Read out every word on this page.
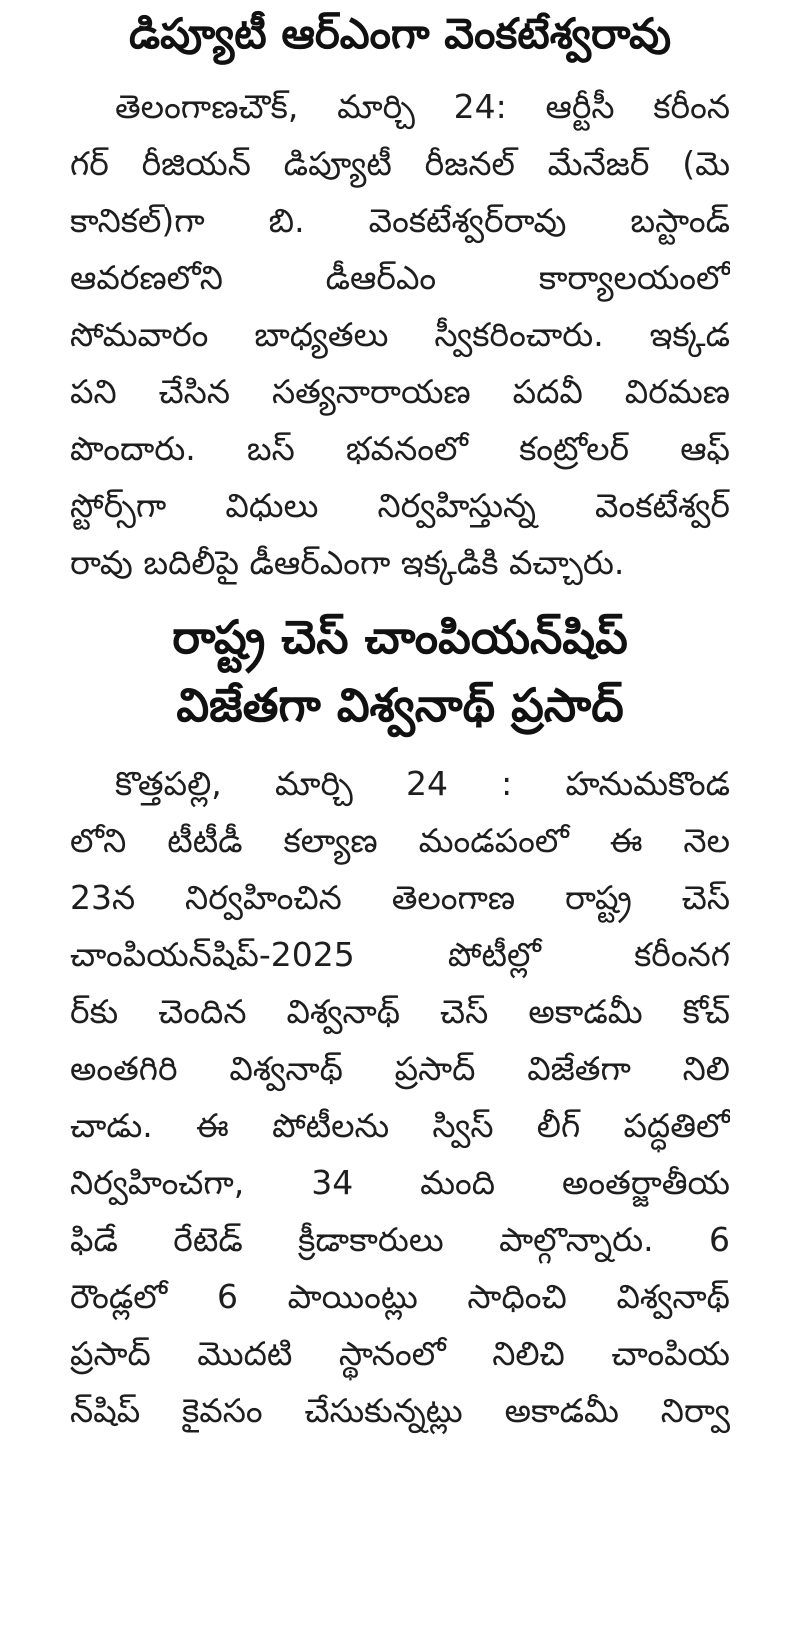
డిప్యూటీ ఆర్ఎంగా వెంకటేశ్వరావు
తెలంగాణచౌక్, మార్చి 24: ఆర్టీసీ కరీంన
గర్ రీజియన్ డిప్యూటీ రీజనల్ మేనేజర్ (మె
కానికల్)గా బి. వెంకటేశ్వర్‌రావు బస్టాండ్
ఆవరణలోని డీఆర్ఎం కార్యాలయంలో
సోమవారం బాధ్యతలు స్వీకరించారు. ఇక్కడ
పని చేసిన సత్యనారాయణ పదవీ విరమణ
పొందారు. బస్ భవనంలో కంట్రోలర్ ఆఫ్
స్టోర్స్‌గా విధులు నిర్వహిస్తున్న వెంకటేశ్వర్
రావు బదిలీపై డీఆర్ఎంగా ఇక్కడికి వచ్చారు.
రాష్ట్ర చెస్ చాంపియన్‌షిప్
విజేతగా విశ్వనాథ్ ప్రసాద్
కొత్తపల్లి, మార్చి 24 : హనుమకొండ
లోని టీటీడీ కల్యాణ మండపంలో ఈ నెల
23న నిర్వహించిన తెలంగాణ రాష్ట్ర చెస్
చాంపియన్‌షిప్-2025 పోటీల్లో కరీంనగ
ర్‌కు చెందిన విశ్వనాథ్ చెస్ అకాడమీ కోచ్
అంతగిరి విశ్వనాథ్ ప్రసాద్ విజేతగా నిలి
చాడు. ఈ పోటీలను స్విస్ లీగ్ పద్ధతిలో
నిర్వహించగా, 34 మంది అంతర్జాతీయ
ఫిడే రేటెడ్ క్రీడాకారులు పాల్గొన్నారు. 6
రౌండ్లలో 6 పాయింట్లు సాధించి విశ్వనాథ్
ప్రసాద్ మొదటి స్థానంలో నిలిచి చాంపియ
న్‌షిప్ కైవసం చేసుకున్నట్లు అకాడమీ నిర్వా
